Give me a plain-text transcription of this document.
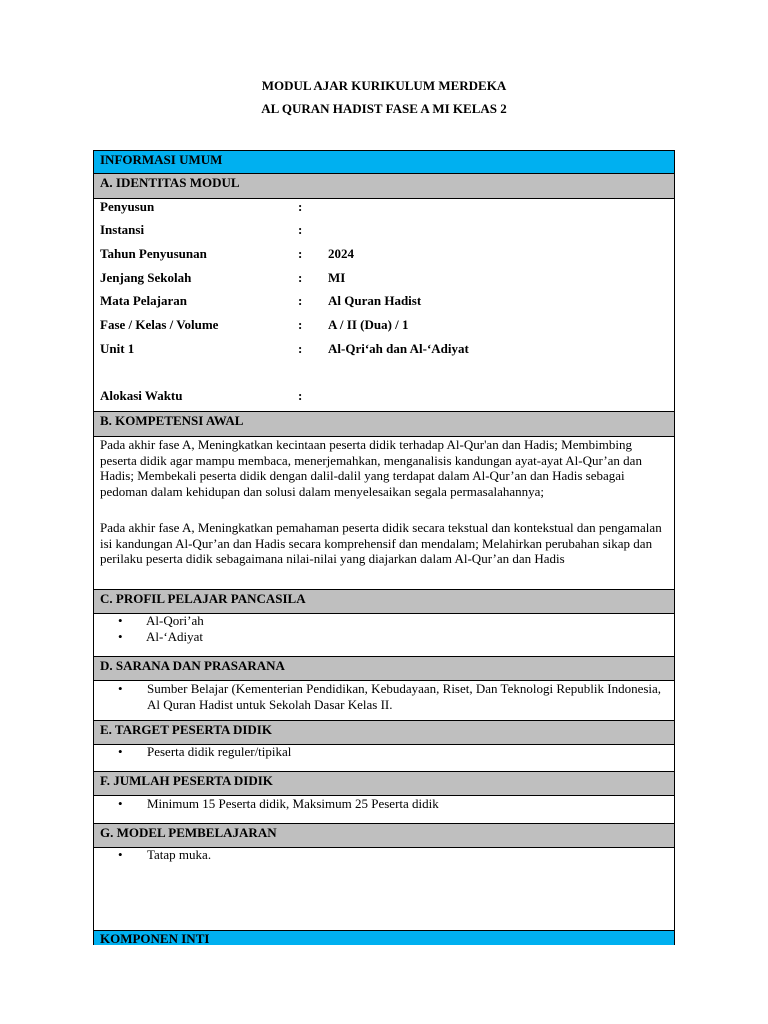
MODUL AJAR KURIKULUM MERDEKA
AL QURAN HADIST FASE A MI KELAS 2
INFORMASI UMUM
A. IDENTITAS MODUL
Penyusun	:
Instansi	:
Tahun Penyusunan	: 2024
Jenjang Sekolah	: MI
Mata Pelajaran	: Al Quran Hadist
Fase / Kelas / Volume	: A / II (Dua) / 1
Unit 1	: Al-Qri‘ah dan Al-‘Adiyat
Alokasi Waktu	:
B. KOMPETENSI AWAL
Pada akhir fase A, Meningkatkan kecintaan peserta didik terhadap Al-Qur'an dan Hadis; Membimbing peserta didik agar mampu membaca, menerjemahkan, menganalisis kandungan ayat-ayat Al-Qur’an dan Hadis; Membekali peserta didik dengan dalil-dalil yang terdapat dalam Al-Qur’an dan Hadis sebagai pedoman dalam kehidupan dan solusi dalam menyelesaikan segala permasalahannya;
Pada akhir fase A, Meningkatkan pemahaman peserta didik secara tekstual dan kontekstual dan pengamalan isi kandungan Al-Qur’an dan Hadis secara komprehensif dan mendalam; Melahirkan perubahan sikap dan perilaku peserta didik sebagaimana nilai-nilai yang diajarkan dalam Al-Qur’an dan Hadis
C. PROFIL PELAJAR PANCASILA
• Al-Qori’ah
• Al-‘Adiyat
D. SARANA DAN PRASARANA
• Sumber Belajar (Kementerian Pendidikan, Kebudayaan, Riset, Dan Teknologi Republik Indonesia, Al Quran Hadist untuk Sekolah Dasar Kelas II.
E. TARGET PESERTA DIDIK
• Peserta didik reguler/tipikal
F. JUMLAH PESERTA DIDIK
• Minimum 15 Peserta didik, Maksimum 25 Peserta didik
G. MODEL PEMBELAJARAN
• Tatap muka.
KOMPONEN INTI
